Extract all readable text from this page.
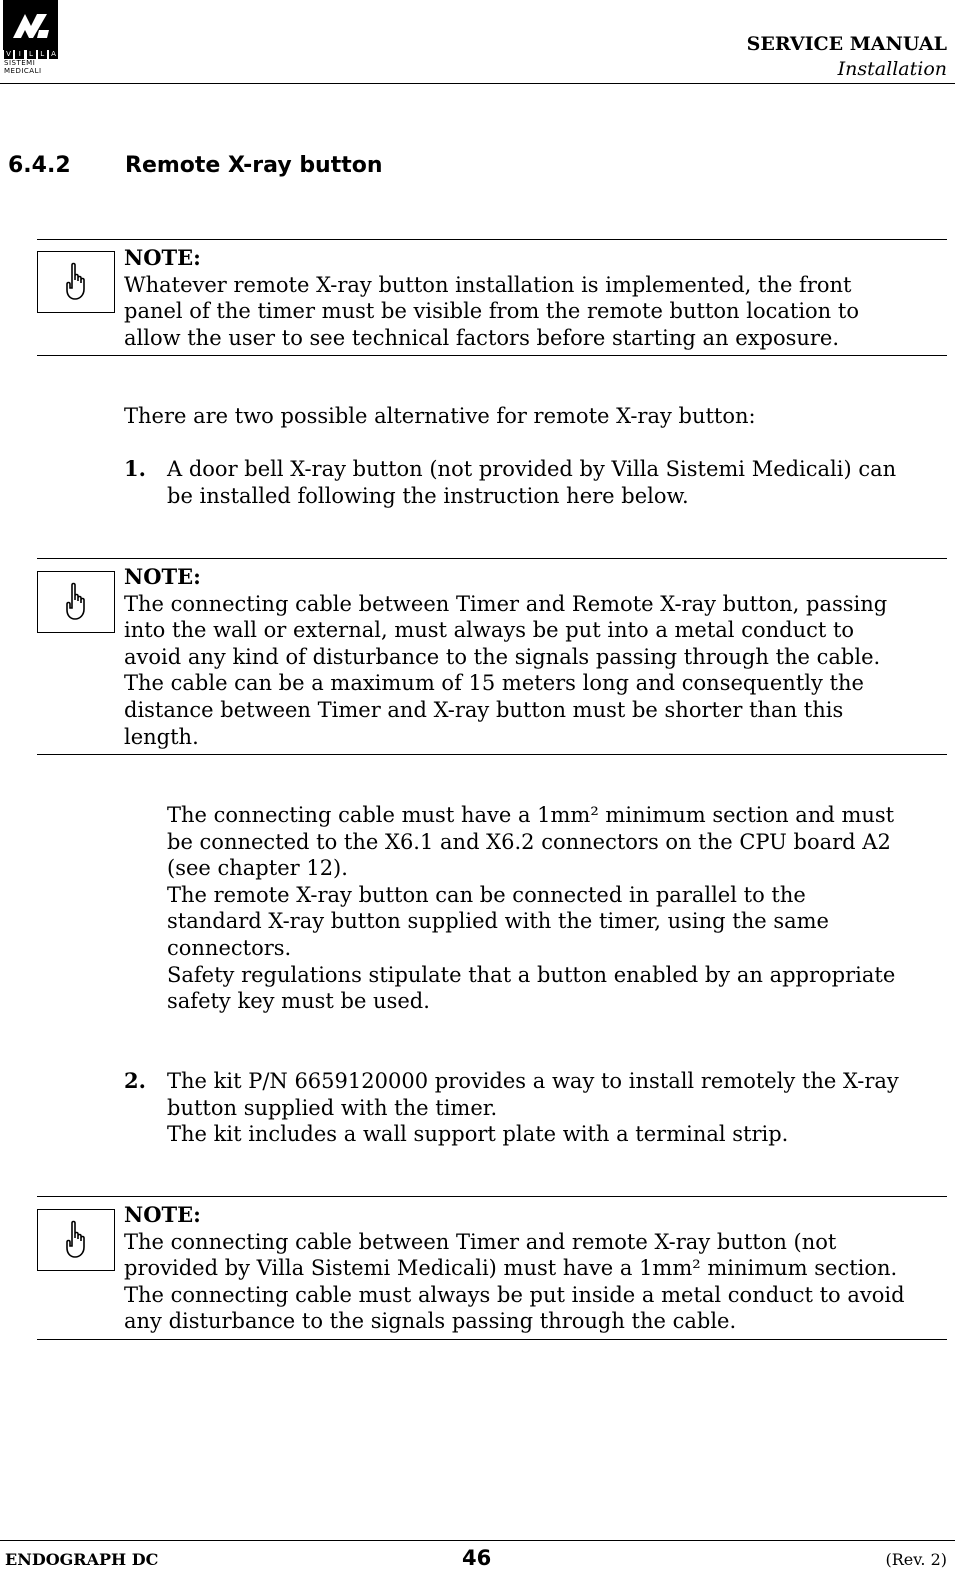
V	I	L	L A
SISTEMI
MEDICALI
SERVICE MANUAL
Installation
6.4.2 Remote X-ray button
NOTE:
Whatever remote X-ray button installation is implemented, the front
panel of the timer must be visible from the remote button location to
allow the user to see technical factors before starting an exposure.
There are two possible alternative for remote X-ray button:
1. A door bell X-ray button (not provided by Villa Sistemi Medicali) can
be installed following the instruction here below.
NOTE:
The connecting cable between Timer and Remote X-ray button, passing
into the wall or external, must always be put into a metal conduct to
avoid any kind of disturbance to the signals passing through the cable.
The cable can be a maximum of 15 meters long and consequently the
distance between Timer and X-ray button must be shorter than this
length.
The connecting cable must have a 1mm² minimum section and must
be connected to the X6.1 and X6.2 connectors on the CPU board A2
(see chapter 12).
The remote X-ray button can be connected in parallel to the
standard X-ray button supplied with the timer, using the same
connectors.
Safety regulations stipulate that a button enabled by an appropriate
safety key must be used.
2. The kit P/N 6659120000 provides a way to install remotely the X-ray
button supplied with the timer.
The kit includes a wall support plate with a terminal strip.
NOTE:
The connecting cable between Timer and remote X-ray button (not
provided by Villa Sistemi Medicali) must have a 1mm² minimum section.
The connecting cable must always be put inside a metal conduct to avoid
any disturbance to the signals passing through the cable.
ENDOGRAPH DC	46	(Rev. 2)
